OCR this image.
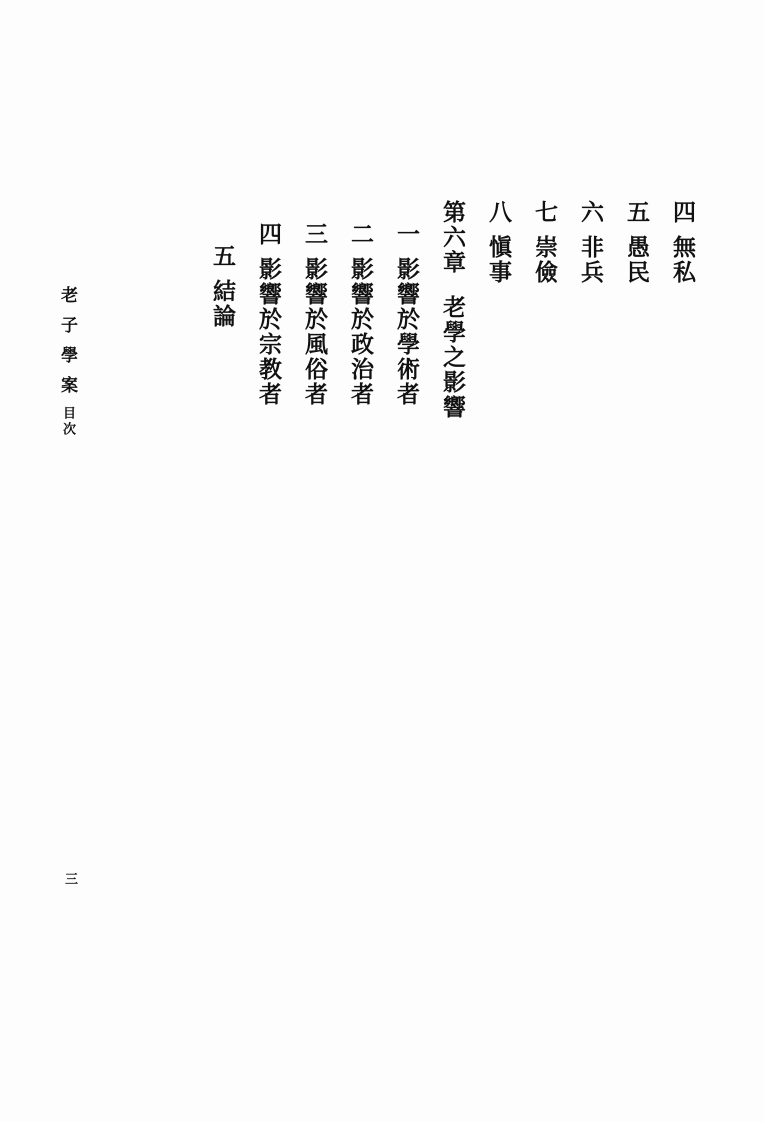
五
結論
四
影響於宗教者
三
影響於風俗者
二
影響於政治者
一
影響於學術者
第六章
老學之影響
八
愼事
七
崇儉
六
非兵
五
愚民
四
無私
老子學案目次
三
